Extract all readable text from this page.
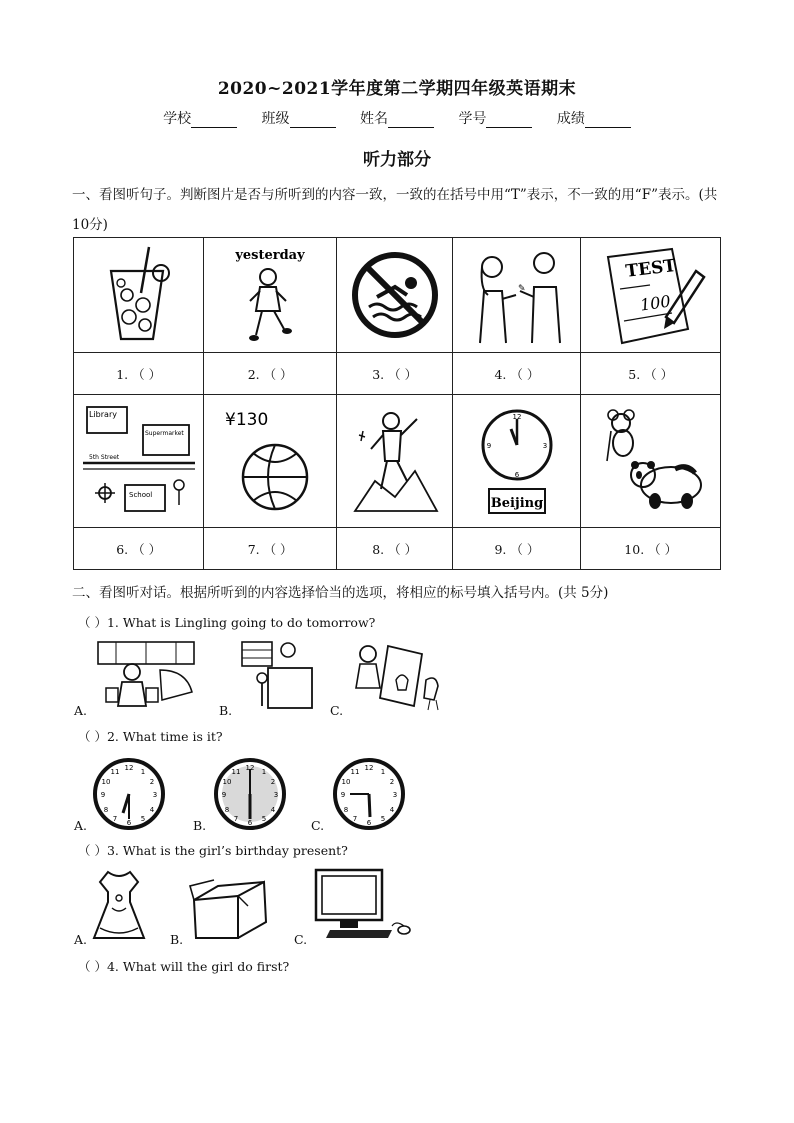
2020~2021学年度第二学期四年级英语期末
学校	班级	姓名	学号	成绩
听力部分
一、看图听句子。判断图片是否与所听到的内容一致，一致的在括号中用“T”表示，不一致的用“F”表示。(共 10分)

yesterday		✎	TEST
100

1. （ ）	2. （ ）	3. （ ）	4. （ ）	5. （ ）

Library
Supermarket
5th Street
School	¥130		12
3
6
9
Beijing

6. （ ）	7. （ ）	8. （ ）	9. （ ）	10. （ ）
二、看图听对话。根据所听到的内容选择恰当的选项，将相应的标号填入括号内。(共 5分)
（ ）1. What is Lingling going to do tomorrow?
A.	B.	C.
（ ）2. What time is it?
12
3
6
9
1
2
4
5
7
8
10
11
A.
12
3
6
9
1
2
4
5
7
8
10
11
B.
12
3
6
9
1
2
4
5
7
8
10
11
C.
（ ）3. What is the girl’s birthday present?
A.	B.	C.
（ ）4. What will the girl do first?
